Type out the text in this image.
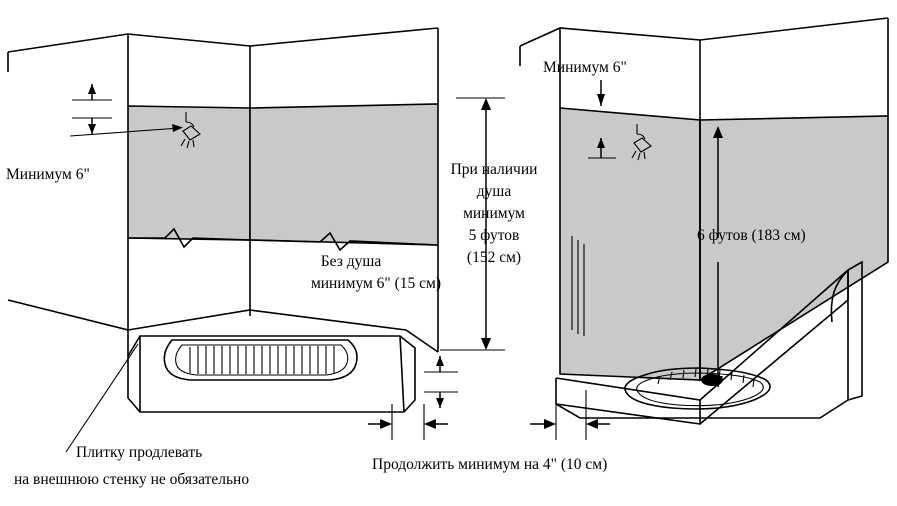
Минимум 6"
Без душа
минимум 6" (15 см)
При наличии
душа
минимум
5 футов
(152 см)
Минимум 6"
6 футов (183 см)
Плитку продлевать
на внешнюю стенку не обязательно
Продолжить минимум на 4" (10 см)
